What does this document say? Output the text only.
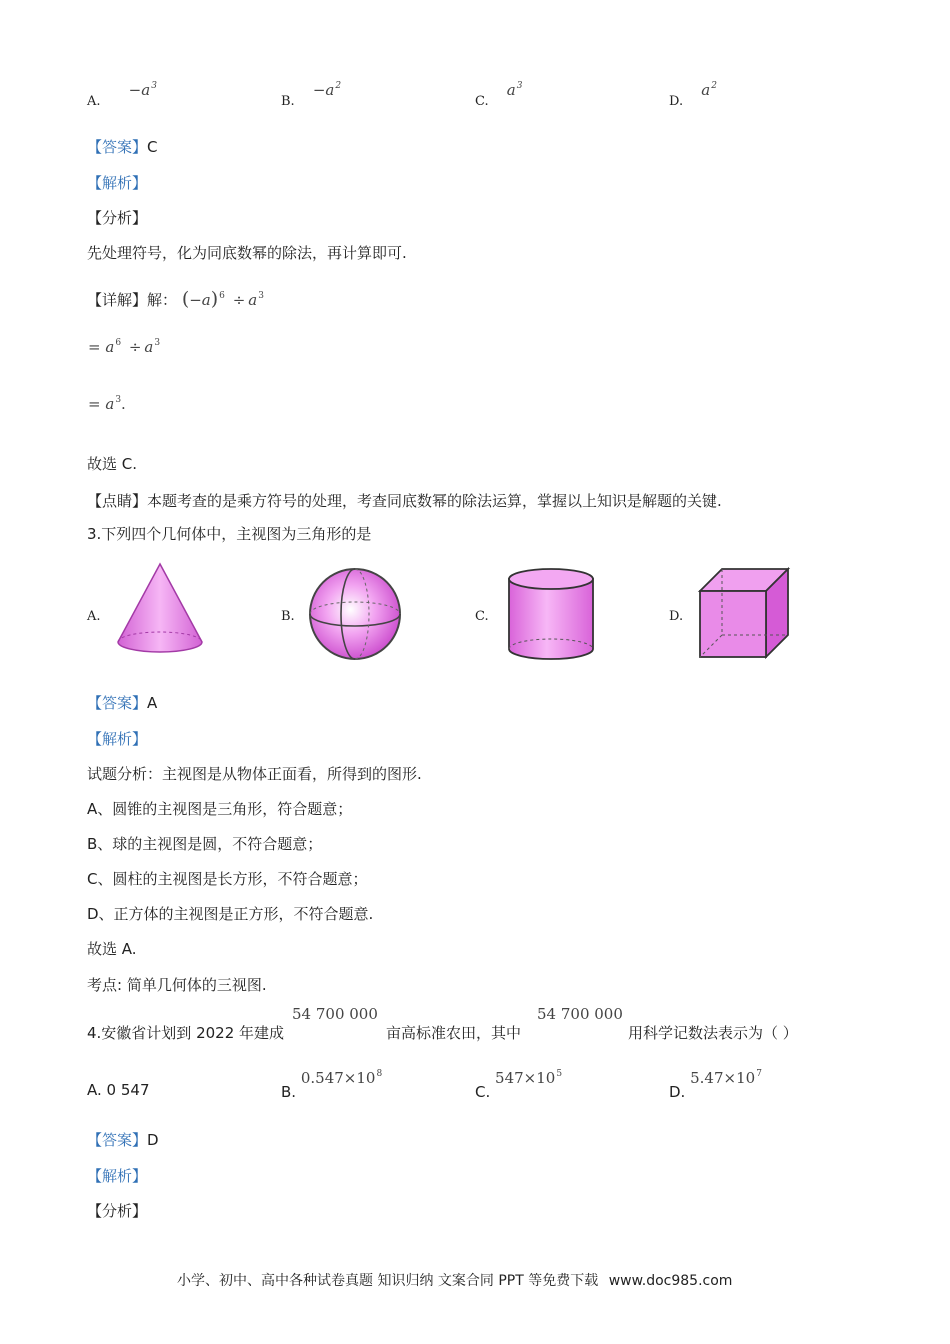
A. $-a^3$
B. $-a^2$
C. $a^3$
D. $a^2$
【答案】C
【解析】
【分析】
先处理符号，化为同底数幂的除法，再计算即可.
【详解】解： $(-a)^6 \div a^3$
= $a^6 \div a^3$
= $a^3$.
故选 C.
【点睛】本题考查的是乘方符号的处理，考查同底数幂的除法运算，掌握以上知识是解题的关键.
3.下列四个几何体中，主视图为三角形的是
A.	B.	C.	D.
【答案】A
【解析】
试题分析：主视图是从物体正面看，所得到的图形.
A、圆锥的主视图是三角形，符合题意；
B、球的主视图是圆，不符合题意；
C、圆柱的主视图是长方形，不符合题意；
D、正方体的主视图是正方形，不符合题意.
故选 A.
考点: 简单几何体的三视图.
4.安徽省计划到 2022 年建成
54 700 000
亩高标准农田，其中
54 700 000
用科学记数法表示为（ ）
A. 0 547	B. $0.547\times 10^8$
C. $547\times 10^5$
D. $5.47\times 10^7$
【答案】D
【解析】
【分析】
小学、初中、高中各种试卷真题 知识归纳 文案合同 PPT 等免费下载 www.doc985.com
